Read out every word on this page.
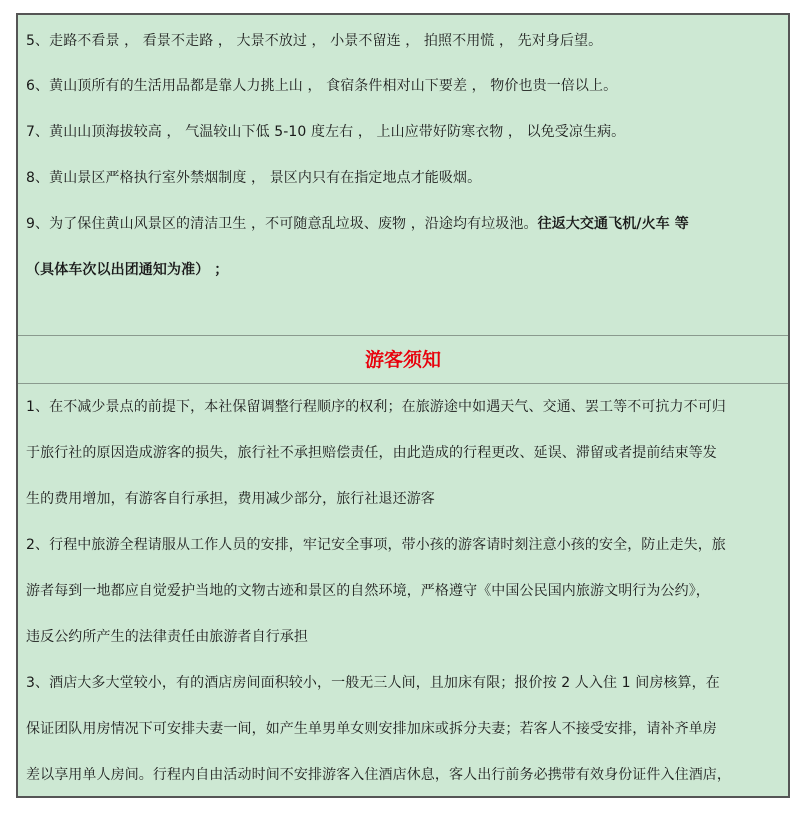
5、走路不看景 ， 看景不走路 ， 大景不放过 ， 小景不留连 ， 拍照不用慌 ， 先对身后望。
6、黄山顶所有的生活用品都是靠人力挑上山 ， 食宿条件相对山下要差 ， 物价也贵一倍以上。
7、黄山山顶海拔较高 ， 气温较山下低 5-10 度左右 ， 上山应带好防寒衣物 ， 以免受凉生病。
8、黄山景区严格执行室外禁烟制度 ， 景区内只有在指定地点才能吸烟。
9、为了保住黄山风景区的清洁卫生 ，不可随意乱垃圾、废物 ，沿途均有垃圾池。往返大交通飞机/火车 等
（具体车次以出团通知为准） ；
游客须知
1、在不减少景点的前提下，本社保留调整行程顺序的权利；在旅游途中如遇天气、交通、罢工等不可抗力不可归
于旅行社的原因造成游客的损失，旅行社不承担赔偿责任，由此造成的行程更改、延误、滞留或者提前结束等发
生的费用增加，有游客自行承担，费用减少部分，旅行社退还游客
2、行程中旅游全程请服从工作人员的安排，牢记安全事项，带小孩的游客请时刻注意小孩的安全，防止走失，旅
游者每到一地都应自觉爱护当地的文物古迹和景区的自然环境，严格遵守《中国公民国内旅游文明行为公约》，
违反公约所产生的法律责任由旅游者自行承担
3、酒店大多大堂较小，有的酒店房间面积较小，一般无三人间，且加床有限；报价按 2 人入住 1 间房核算，在
保证团队用房情况下可安排夫妻一间，如产生单男单女则安排加床或拆分夫妻；若客人不接受安排，请补齐单房
差以享用单人房间。行程内自由活动时间不安排游客入住酒店休息，客人出行前务必携带有效身份证件入住酒店，
